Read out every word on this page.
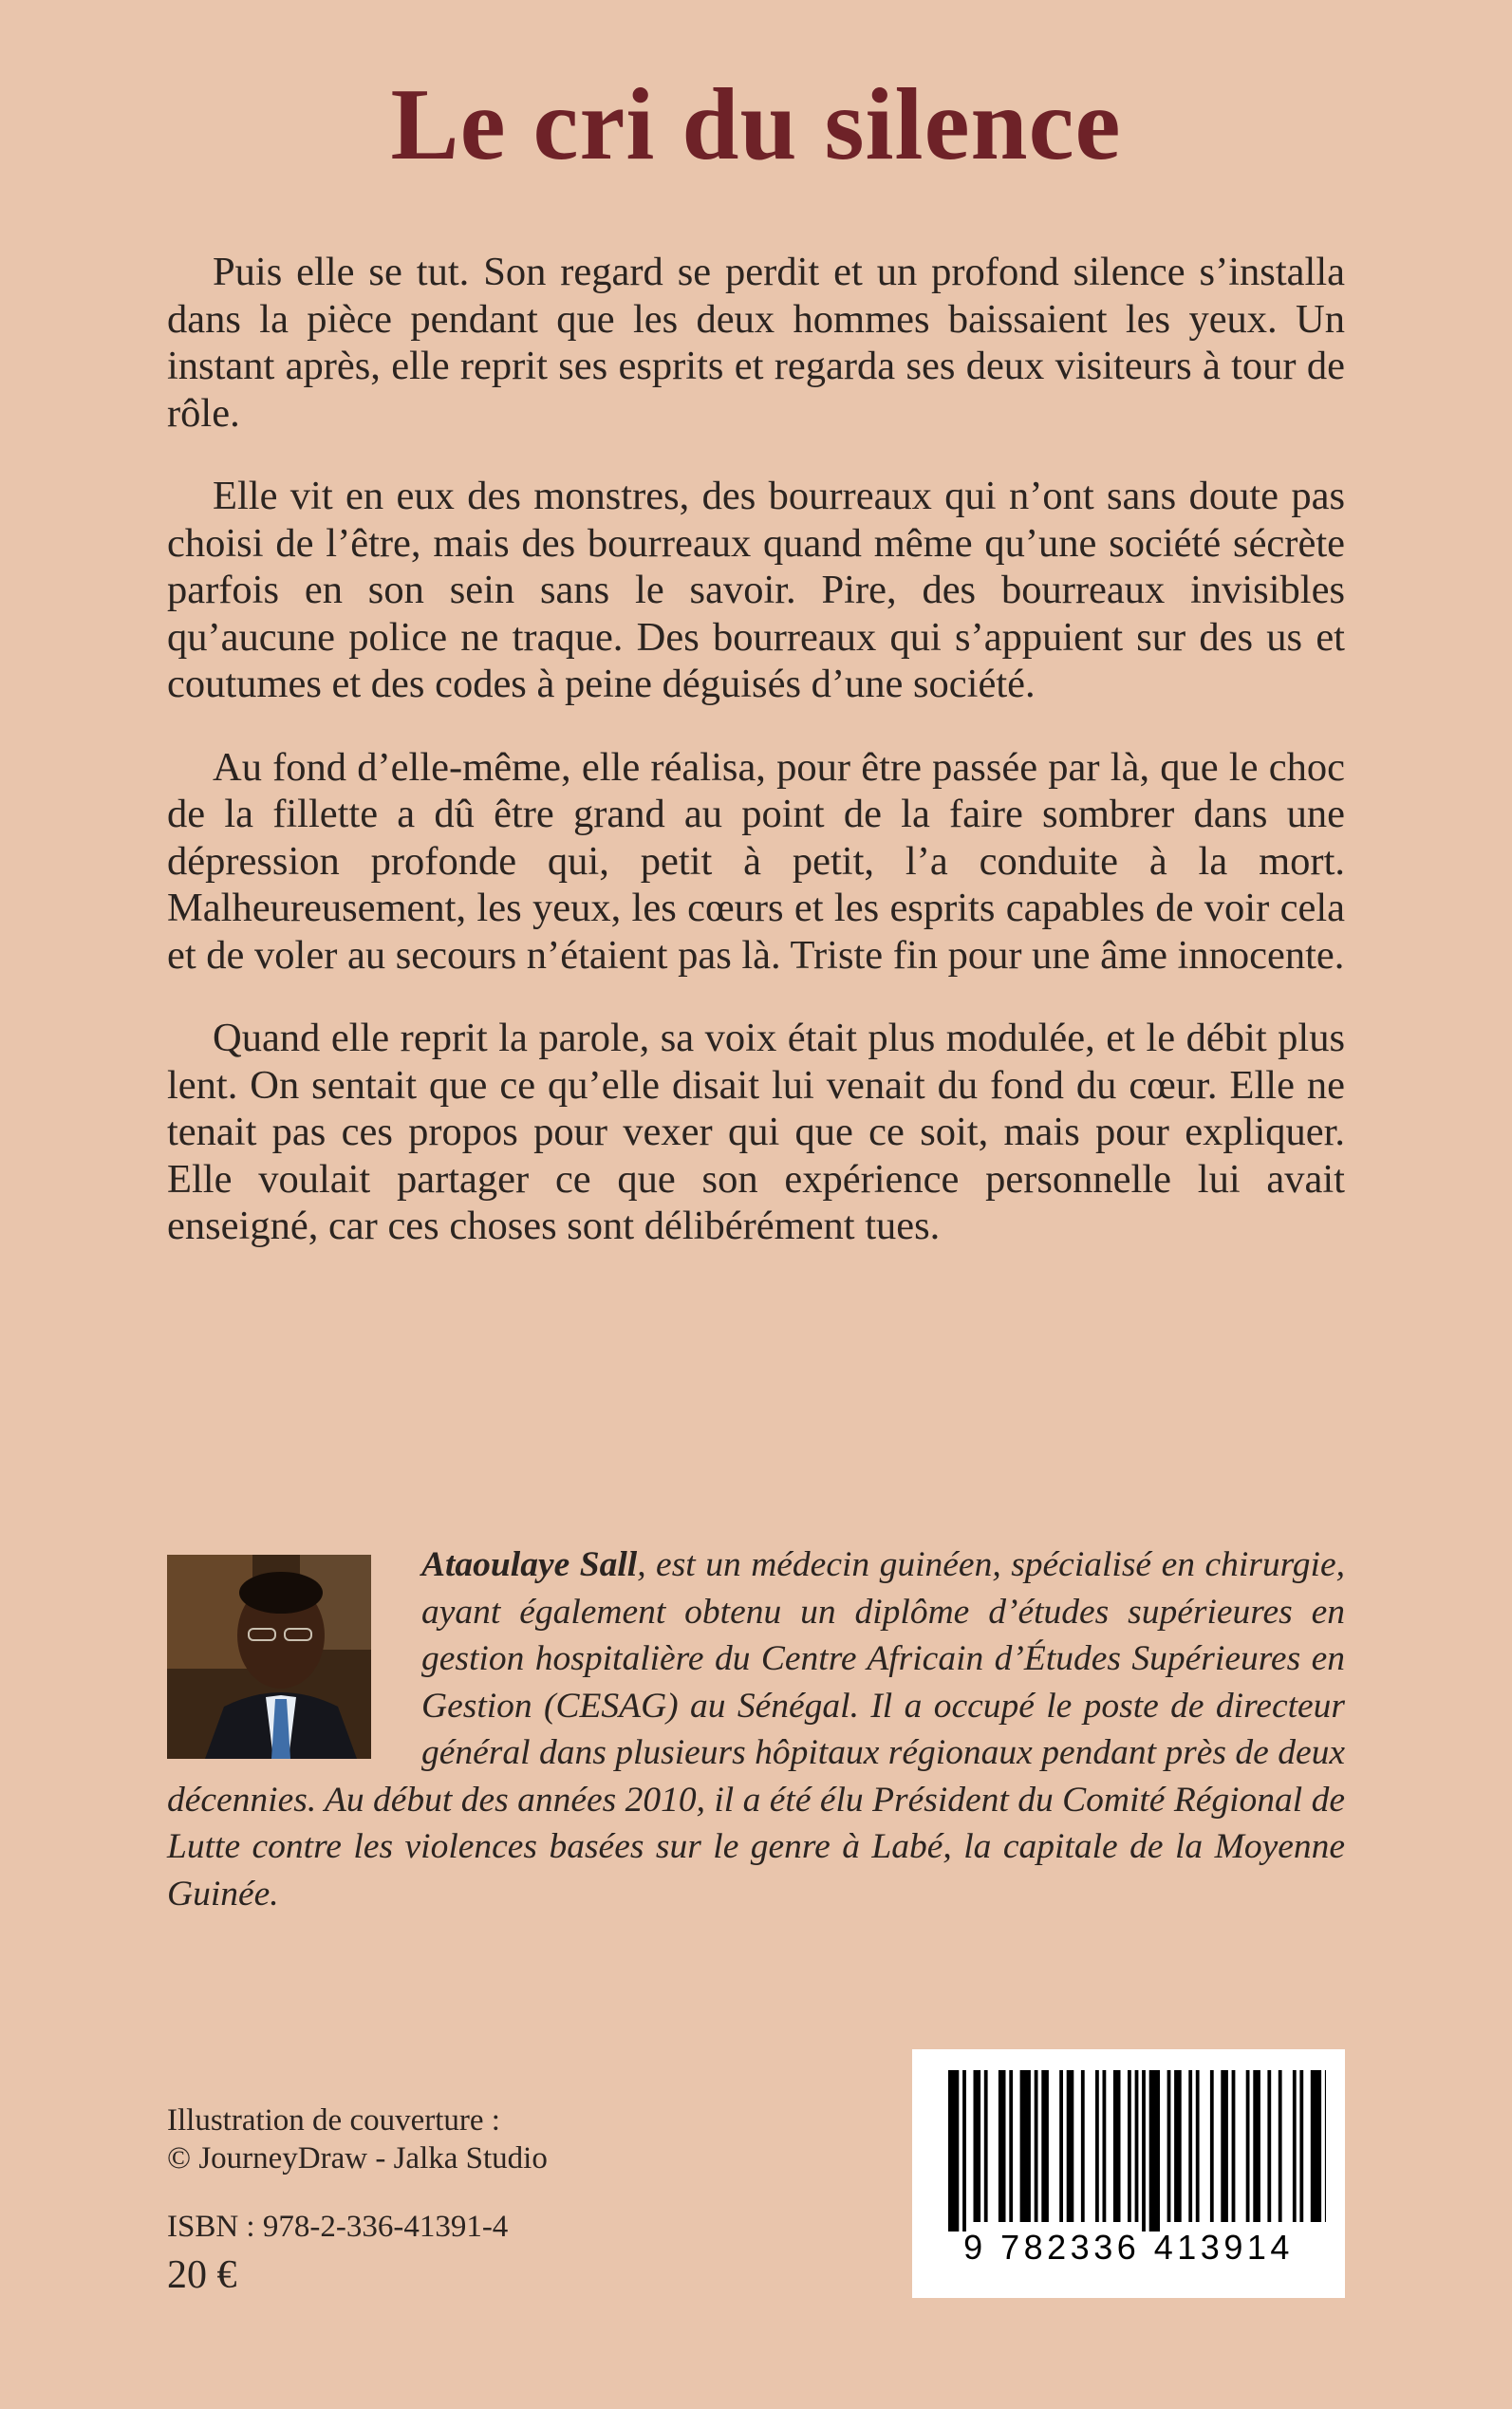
Le cri du silence

Puis elle se tut. Son regard se perdit et un profond silence s’installa dans la pièce pendant que les deux hommes baissaient les yeux. Un instant après, elle reprit ses esprits et regarda ses deux visiteurs à tour de rôle.

Elle vit en eux des monstres, des bourreaux qui n’ont sans doute pas choisi de l’être, mais des bourreaux quand même qu’une société sécrète parfois en son sein sans le savoir. Pire, des bourreaux invisibles qu’aucune police ne traque. Des bourreaux qui s’appuient sur des us et coutumes et des codes à peine déguisés d’une société.

Au fond d’elle-même, elle réalisa, pour être passée par là, que le choc de la fillette a dû être grand au point de la faire sombrer dans une dépression profonde qui, petit à petit, l’a conduite à la mort. Malheureusement, les yeux, les cœurs et les esprits capables de voir cela et de voler au secours n’étaient pas là. Triste fin pour une âme innocente.

Quand elle reprit la parole, sa voix était plus modulée, et le débit plus lent. On sentait que ce qu’elle disait lui venait du fond du cœur. Elle ne tenait pas ces propos pour vexer qui que ce soit, mais pour expliquer. Elle voulait partager ce que son expérience personnelle lui avait enseigné, car ces choses sont délibérément tues.

Ataoulaye Sall, est un médecin guinéen, spécialisé en chirurgie, ayant également obtenu un diplôme d’études supérieures en gestion hospitalière du Centre Africain d’Études Supérieures en Gestion (CESAG) au Sénégal. Il a occupé le poste de directeur général dans plusieurs hôpitaux régionaux pendant près de deux décennies. Au début des années 2010, il a été élu Président du Comité Régional de Lutte contre les violences basées sur le genre à Labé, la capitale de la Moyenne Guinée.
Illustration de couverture :
© JourneyDraw - Jalka Studio
ISBN : 978-2-336-41391-4
20 €
9 782336 413914
